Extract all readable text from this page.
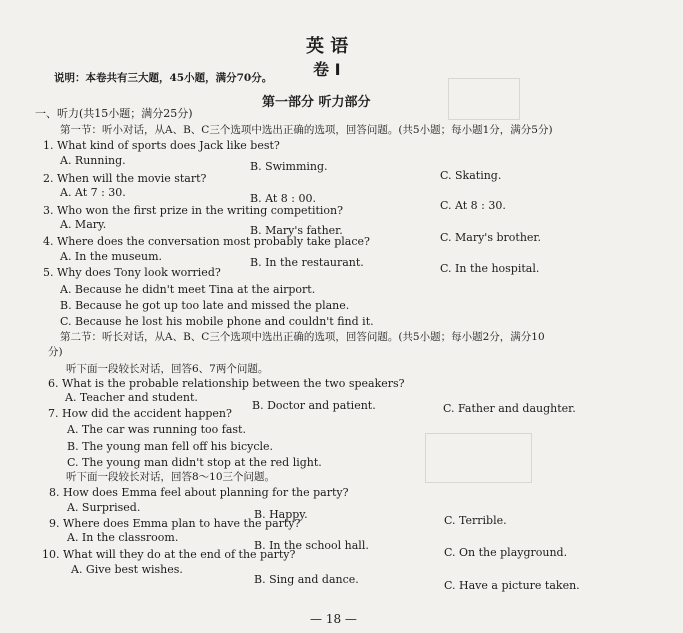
英 语
卷 Ⅰ
说明：本卷共有三大题，45小题，满分70分。
第一部分 听力部分
一、听力(共15小题；满分25分)
第一节：听小对话，从A、B、C三个选项中选出正确的选项，回答问题。(共5小题；每小题1分，满分5分)
1. What kind of sports does Jack like best?
A. Running.	B. Swimming.
C. Skating.
2. When will the movie start?
A. At 7 : 30.	B. At 8 : 00.
C. At 8 : 30.
3. Who won the first prize in the writing competition?
A. Mary.	B. Mary's father.
C. Mary's brother.
4. Where does the conversation most probably take place?
A. In the museum.	B. In the restaurant.	C. In the hospital.
5. Why does Tony look worried?
A. Because he didn't meet Tina at the airport.
B. Because he got up too late and missed the plane.
C. Because he lost his mobile phone and couldn't find it.
第二节：听长对话，从A、B、C三个选项中选出正确的选项，回答问题。(共5小题；每小题2分，满分10
分)
听下面一段较长对话，回答6、7两个问题。
6. What is the probable relationship between the two speakers?
A. Teacher and student.
B. Doctor and patient.	C. Father and daughter.
7. How did the accident happen?
A. The car was running too fast.
B. The young man fell off his bicycle.
C. The young man didn't stop at the red light.
听下面一段较长对话，回答8～10三个问题。
8. How does Emma feel about planning for the party?
A. Surprised.
B. Happy.	C. Terrible.
9. Where does Emma plan to have the party?
A. In the classroom.
B. In the school hall.
C. On the playground.
10. What will they do at the end of the party?
A. Give best wishes.
B. Sing and dance.	C. Have a picture taken.
— 18 —
